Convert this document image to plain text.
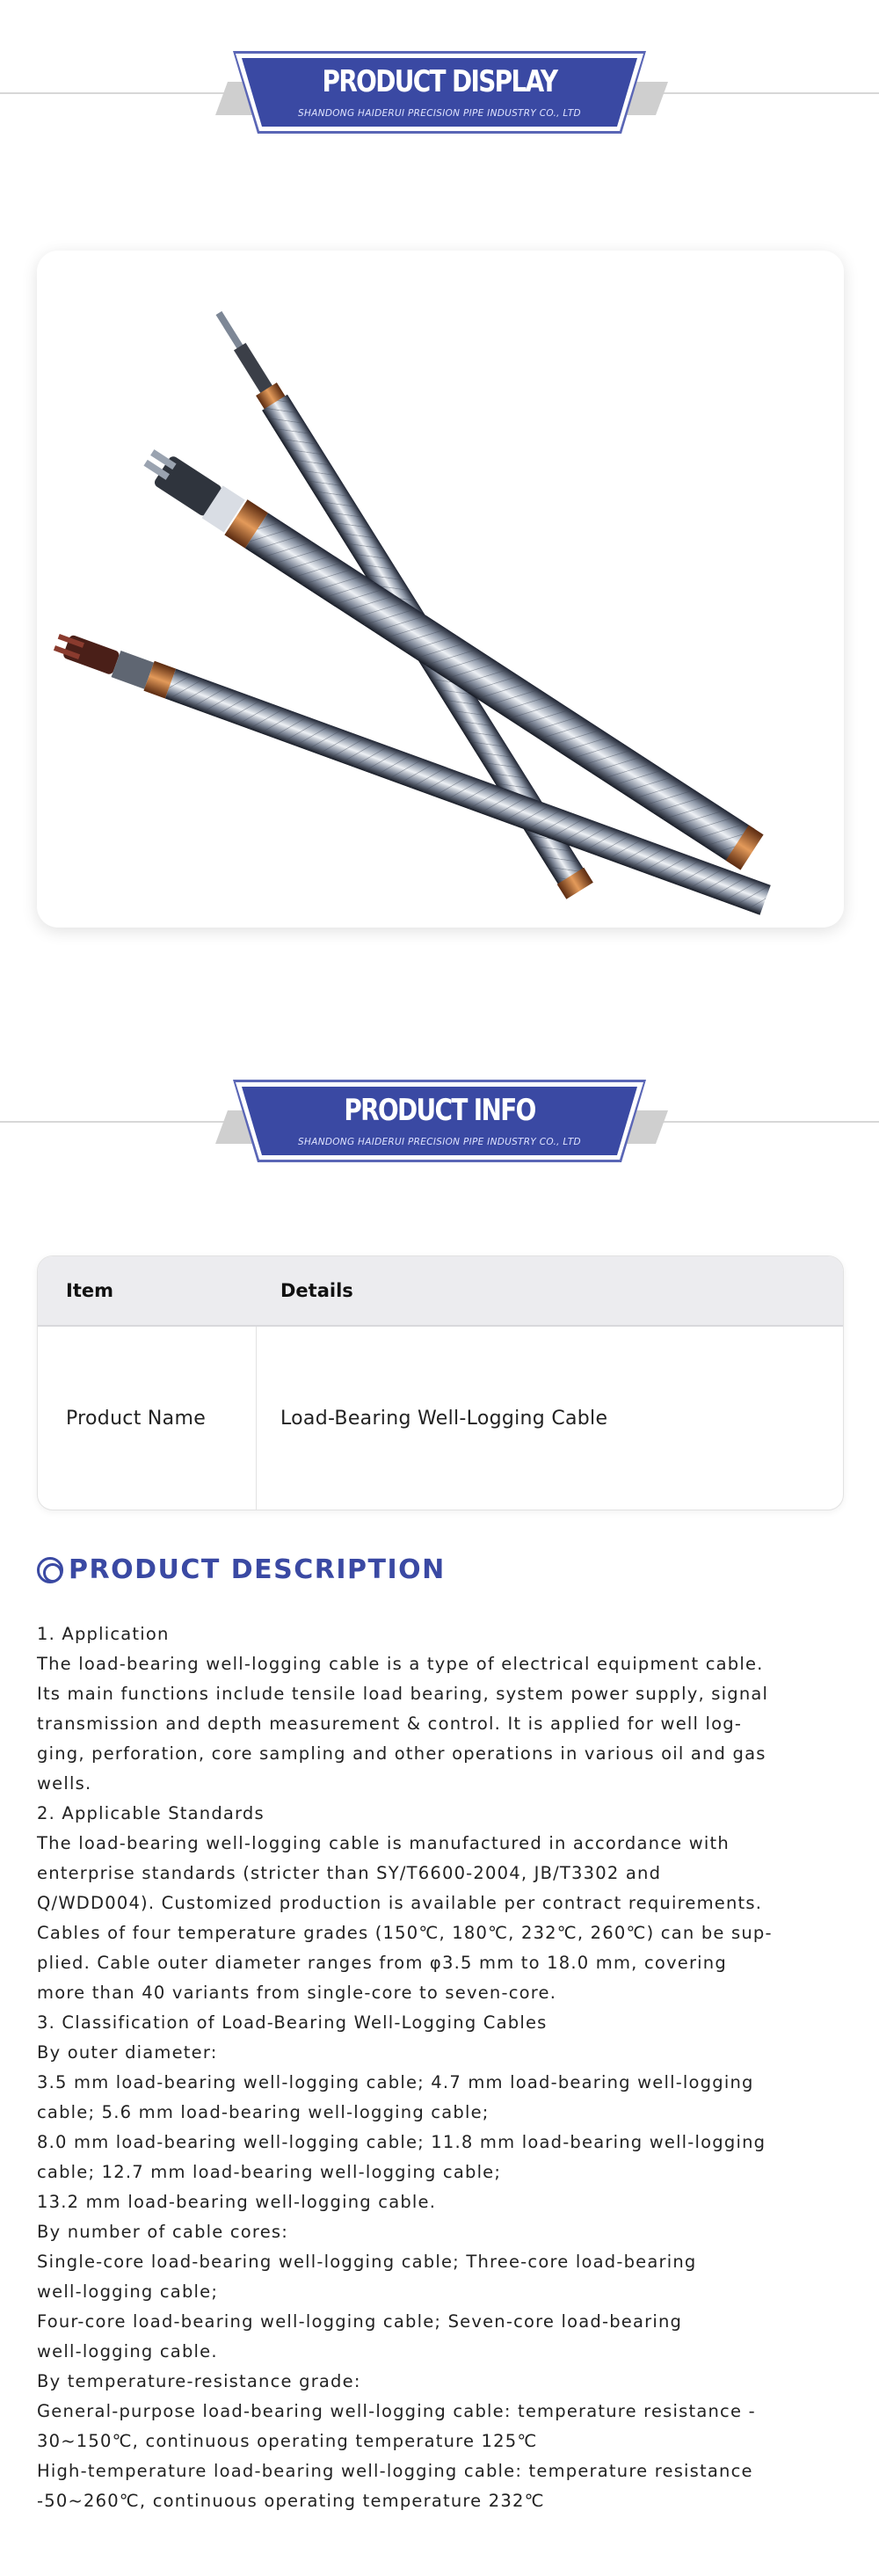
PRODUCT DISPLAY
SHANDONG HAIDERUI PRECISION PIPE INDUSTRY CO., LTD
PRODUCT INFO
SHANDONG HAIDERUI PRECISION PIPE INDUSTRY CO., LTD
Item	Details
Product Name	Load-Bearing Well-Logging Cable
PRODUCT DESCRIPTION

1. Application

The load-bearing well-logging cable is a type of electrical equipment cable.

Its main functions include tensile load bearing, system power supply, signal

transmission and depth measurement & control. It is applied for well log-

ging, perforation, core sampling and other operations in various oil and gas

wells.

2. Applicable Standards

The load-bearing well-logging cable is manufactured in accordance with

enterprise standards (stricter than SY/T6600-2004, JB/T3302 and

Q/WDD004). Customized production is available per contract requirements.

Cables of four temperature grades (150℃, 180℃, 232℃, 260℃) can be sup-

plied. Cable outer diameter ranges from φ3.5 mm to 18.0 mm, covering

more than 40 variants from single-core to seven-core.

3. Classification of Load-Bearing Well-Logging Cables

By outer diameter:

3.5 mm load-bearing well-logging cable; 4.7 mm load-bearing well-logging

cable; 5.6 mm load-bearing well-logging cable;

8.0 mm load-bearing well-logging cable; 11.8 mm load-bearing well-logging

cable; 12.7 mm load-bearing well-logging cable;

13.2 mm load-bearing well-logging cable.

By number of cable cores:

Single-core load-bearing well-logging cable; Three-core load-bearing

well-logging cable;

Four-core load-bearing well-logging cable; Seven-core load-bearing

well-logging cable.

By temperature-resistance grade:

General-purpose load-bearing well-logging cable: temperature resistance -

30~150℃, continuous operating temperature 125℃

High-temperature load-bearing well-logging cable: temperature resistance

-50~260℃, continuous operating temperature 232℃
